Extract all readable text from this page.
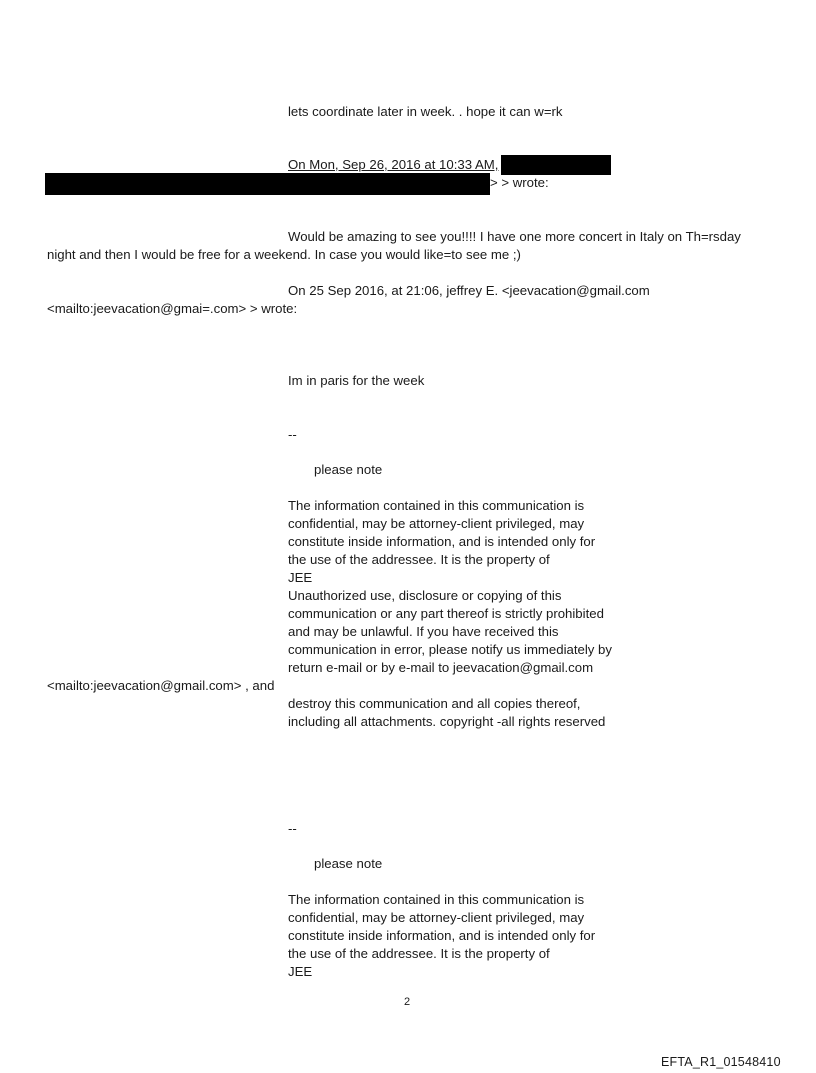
lets coordinate later in week. . hope it can w=rk
On Mon, Sep 26, 2016 at 10:33 AM,
> > wrote:
Would be amazing to see you!!!! I have one more concert in Italy on Th=rsday
night and then I would be free for a weekend. In case you would like=to see me ;)
On 25 Sep 2016, at 21:06, jeffrey E. <jeevacation@gmail.com
<mailto:jeevacation@gmai=.com> > wrote:
Im in paris for the week
--
please note
The information contained in this communication is
confidential, may be attorney-client privileged, may
constitute inside information, and is intended only for
the use of the addressee. It is the property of
JEE
Unauthorized use, disclosure or copying of this
communication or any part thereof is strictly prohibited
and may be unlawful. If you have received this
communication in error, please notify us immediately by
return e-mail or by e-mail to jeevacation@gmail.com
<mailto:jeevacation@gmail.com> , and
destroy this communication and all copies thereof,
including all attachments. copyright -all rights reserved
--
please note
The information contained in this communication is
confidential, may be attorney-client privileged, may
constitute inside information, and is intended only for
the use of the addressee. It is the property of
JEE
2
EFTA_R1_01548410
